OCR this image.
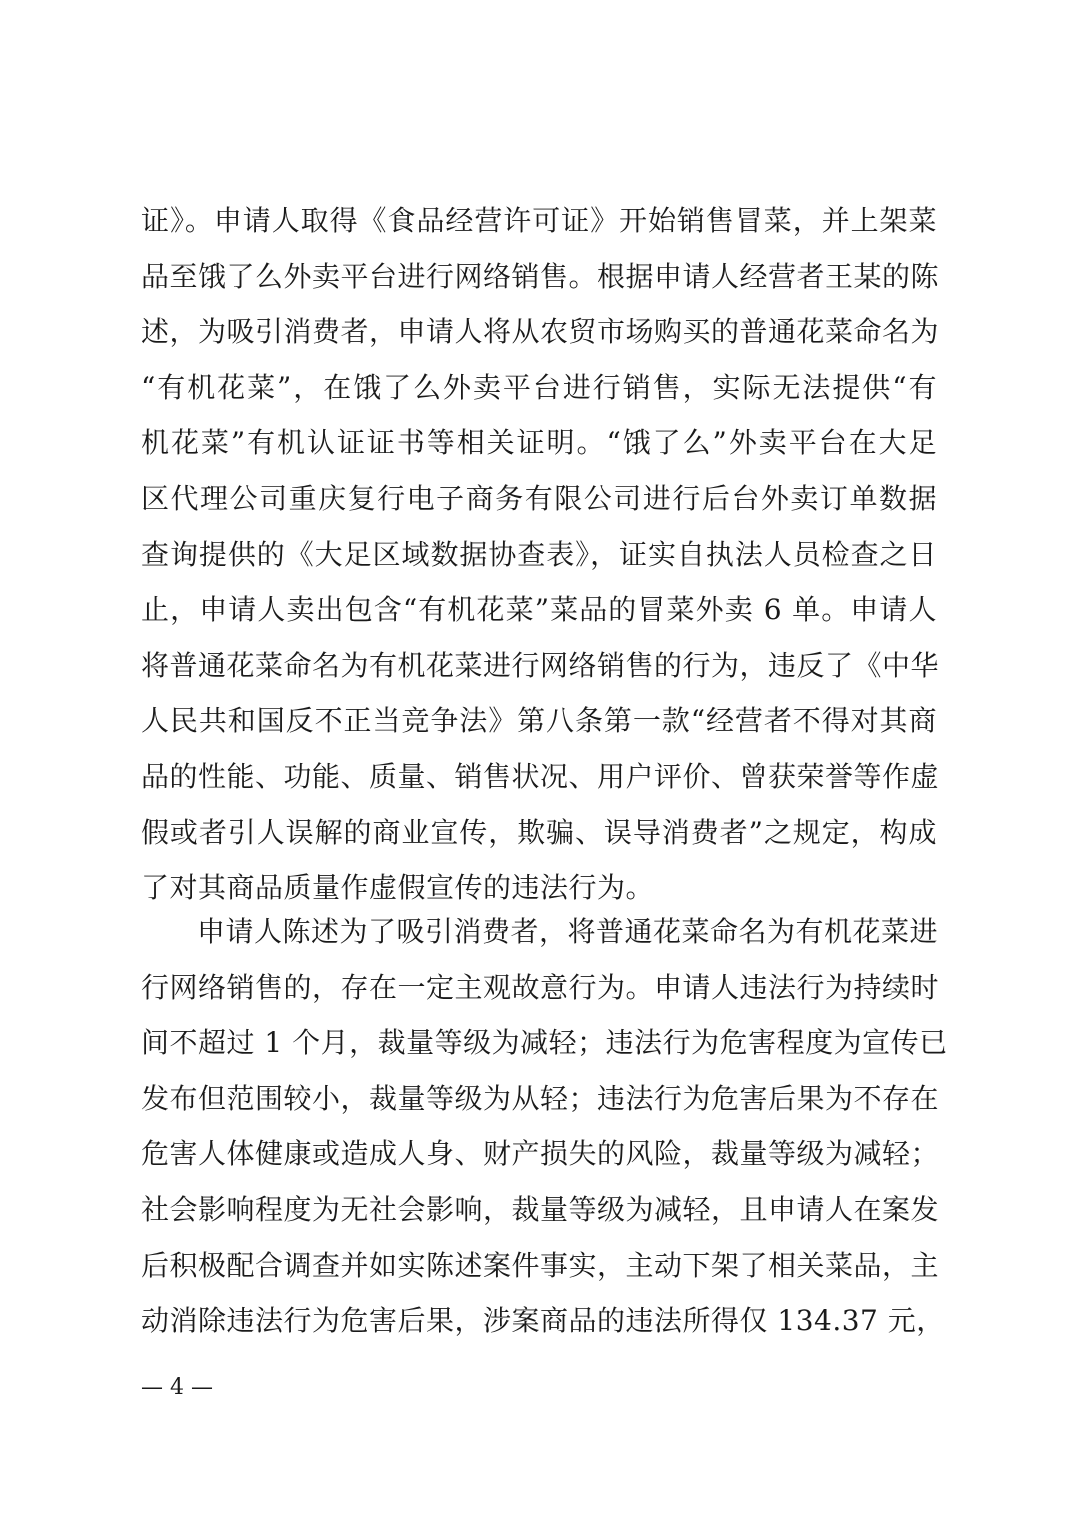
证》。申请人取得《食品经营许可证》开始销售冒菜，并上架菜
品至饿了么外卖平台进行网络销售。根据申请人经营者王某的陈
述，为吸引消费者，申请人将从农贸市场购买的普通花菜命名为
“有机花菜”，在饿了么外卖平台进行销售，实际无法提供“有
机花菜”有机认证证书等相关证明。“饿了么”外卖平台在大足
区代理公司重庆复行电子商务有限公司进行后台外卖订单数据
查询提供的《大足区域数据协查表》，证实自执法人员检查之日
止，申请人卖出包含“有机花菜”菜品的冒菜外卖 6 单。申请人
将普通花菜命名为有机花菜进行网络销售的行为，违反了《中华
人民共和国反不正当竞争法》第八条第一款“经营者不得对其商
品的性能、功能、质量、销售状况、用户评价、曾获荣誉等作虚
假或者引人误解的商业宣传，欺骗、误导消费者”之规定，构成
了对其商品质量作虚假宣传的违法行为。
申请人陈述为了吸引消费者，将普通花菜命名为有机花菜进
行网络销售的，存在一定主观故意行为。申请人违法行为持续时
间不超过 1 个月，裁量等级为减轻；违法行为危害程度为宣传已
发布但范围较小，裁量等级为从轻；违法行为危害后果为不存在
危害人体健康或造成人身、财产损失的风险，裁量等级为减轻；
社会影响程度为无社会影响，裁量等级为减轻，且申请人在案发
后积极配合调查并如实陈述案件事实，主动下架了相关菜品，主
动消除违法行为危害后果，涉案商品的违法所得仅 134.37 元，
— 4 —
